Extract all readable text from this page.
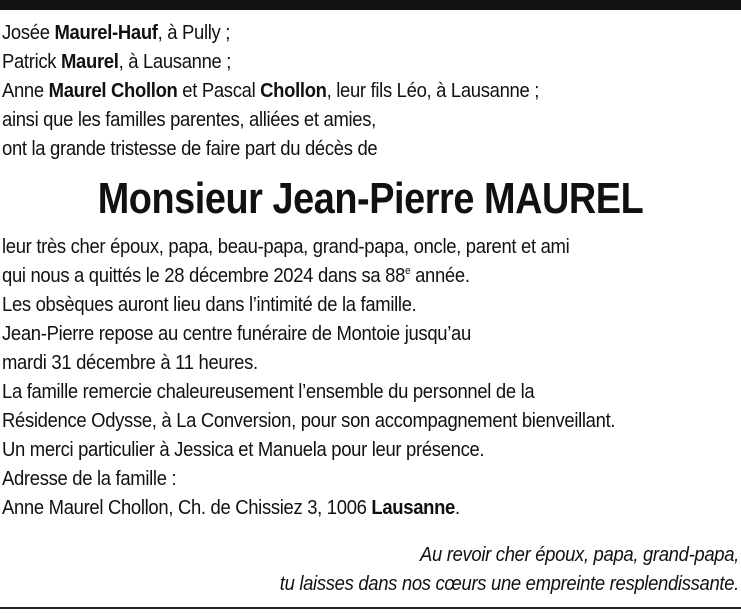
Josée Maurel-Hauf, à Pully ;
Patrick Maurel, à Lausanne ;
Anne Maurel Chollon et Pascal Chollon, leur fils Léo, à Lausanne ;
ainsi que les familles parentes, alliées et amies,
ont la grande tristesse de faire part du décès de
Monsieur Jean-Pierre MAUREL
leur très cher époux, papa, beau-papa, grand-papa, oncle, parent et ami
qui nous a quittés le 28 décembre 2024 dans sa 88e année.
Les obsèques auront lieu dans l’intimité de la famille.
Jean-Pierre repose au centre funéraire de Montoie jusqu’au
mardi 31 décembre à 11 heures.
La famille remercie chaleureusement l’ensemble du personnel de la
Résidence Odysse, à La Conversion, pour son accompagnement bienveillant.
Un merci particulier à Jessica et Manuela pour leur présence.
Adresse de la famille :
Anne Maurel Chollon, Ch. de Chissiez 3, 1006 Lausanne.
Au revoir cher époux, papa, grand-papa,
tu laisses dans nos cœurs une empreinte resplendissante.
